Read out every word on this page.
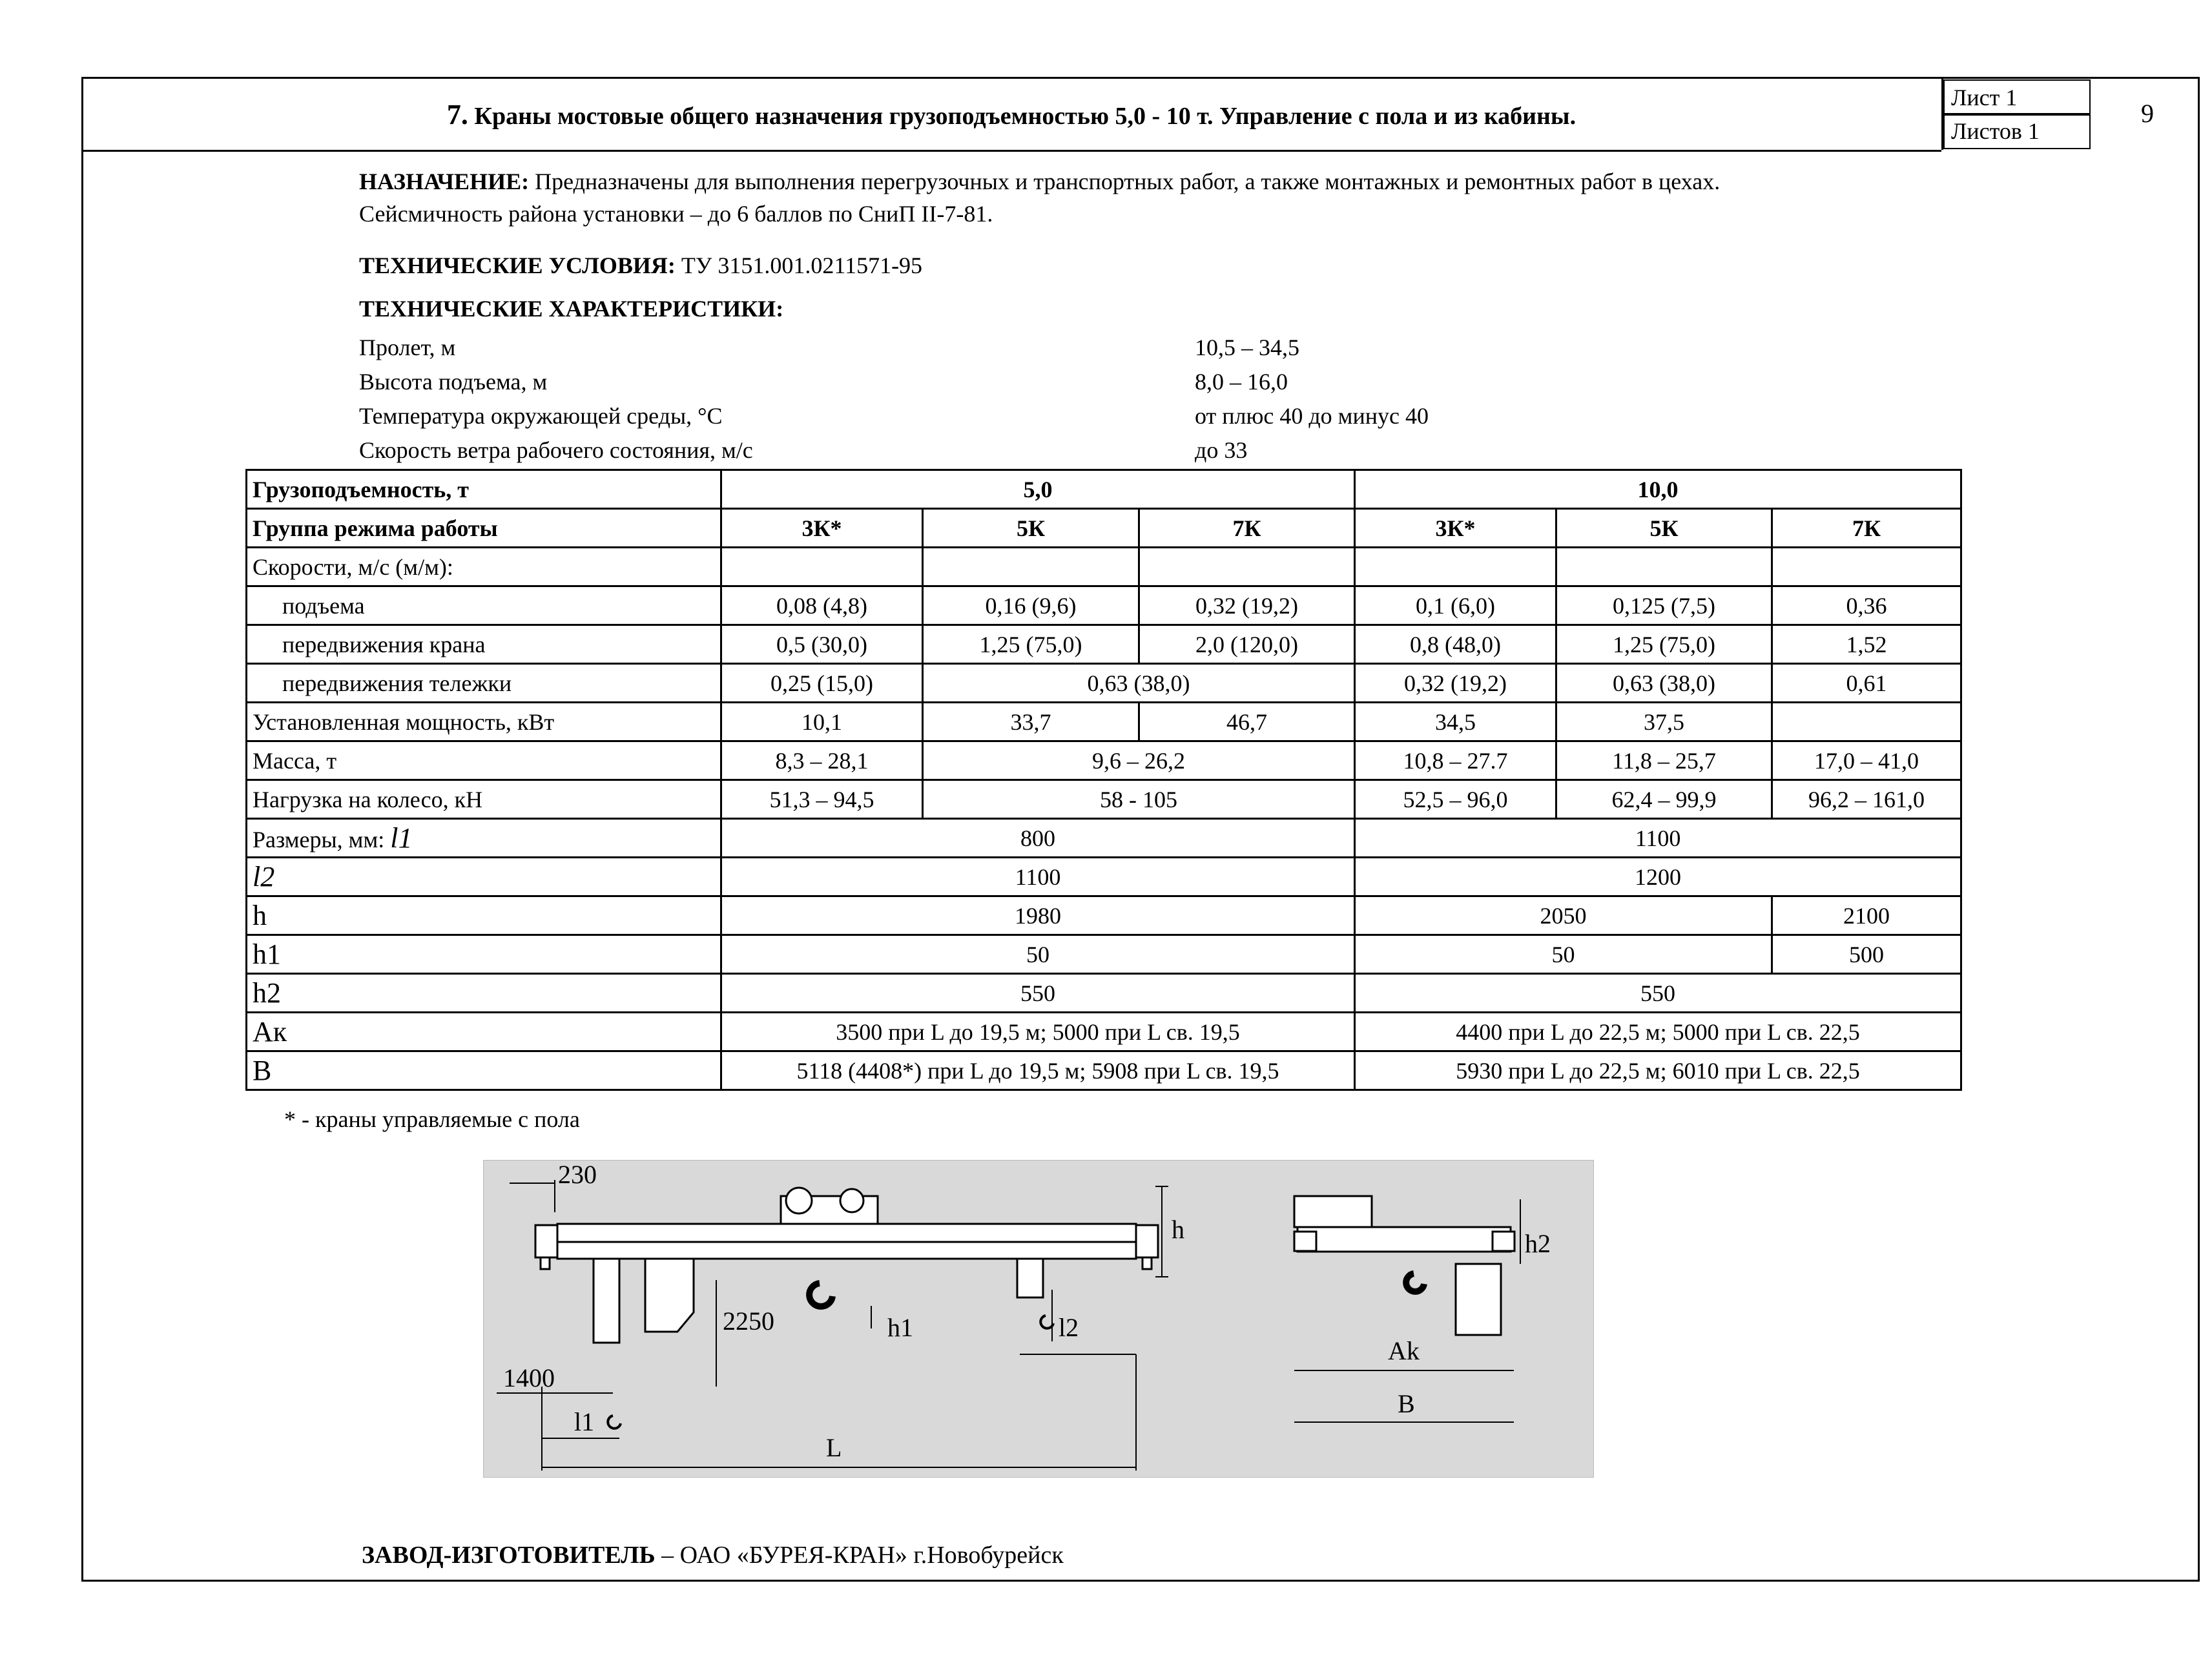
7. Краны мостовые общего назначения грузоподъемностью 5,0 - 10 т. Управление с пола и из кабины.
Лист 1
Листов 1
9
НАЗНАЧЕНИЕ: Предназначены для выполнения перегрузочных и транспортных работ, а также монтажных и ремонтных работ в цехах.
Сейсмичность района установки – до 6 баллов по СниП II-7-81.
ТЕХНИЧЕСКИЕ УСЛОВИЯ: ТУ 3151.001.0211571-95
ТЕХНИЧЕСКИЕ ХАРАКТЕРИСТИКИ:
Пролет, м	10,5 – 34,5
Высота подъема, м	8,0 – 16,0
Температура окружающей среды, °С	от плюс 40 до минус 40
Скорость ветра рабочего состояния, м/с	до 33
Грузоподъемность, т	5,0			10,0		
Группа режима работы	3К*	5К	7К	3К*	5К	7К
Скорости, м/с (м/м):						
подъема	0,08 (4,8)	0,16 (9,6)	0,32 (19,2)	0,1 (6,0)	0,125 (7,5)	0,36
передвижения крана	0,5 (30,0)	1,25 (75,0)	2,0 (120,0)	0,8 (48,0)	1,25 (75,0)	1,52
передвижения тележки	0,25 (15,0)	0,63 (38,0)		0,32 (19,2)	0,63 (38,0)	0,61
Установленная мощность, кВт	10,1	33,7	46,7	34,5	37,5	
Масса, т	8,3 – 28,1	9,6 – 26,2		10,8 – 27.7	11,8 – 25,7	17,0 – 41,0
Нагрузка на колесо, кН	51,3 – 94,5	58 - 105		52,5 – 96,0	62,4 – 99,9	96,2 – 161,0
Размеры, мм: l1	800			1100		
l2	1100			1200		
h	1980			2050		2100
h1	50			50		500
h2	550			550		
Ак	3500 при L до 19,5 м; 5000 при L св. 19,5			4400 при L до 22,5 м; 5000 при L св. 22,5		
B	5118 (4408*) при L до 19,5 м; 5908 при L св. 19,5			5930 при L до 22,5 м; 6010 при L св. 22,5		
* - краны управляемые с пола
230
h
2250	h1	l2
1400
l1
L
h2
Ak
B
ЗАВОД-ИЗГОТОВИТЕЛЬ – ОАО «БУРЕЯ-КРАН» г.Новобурейск
